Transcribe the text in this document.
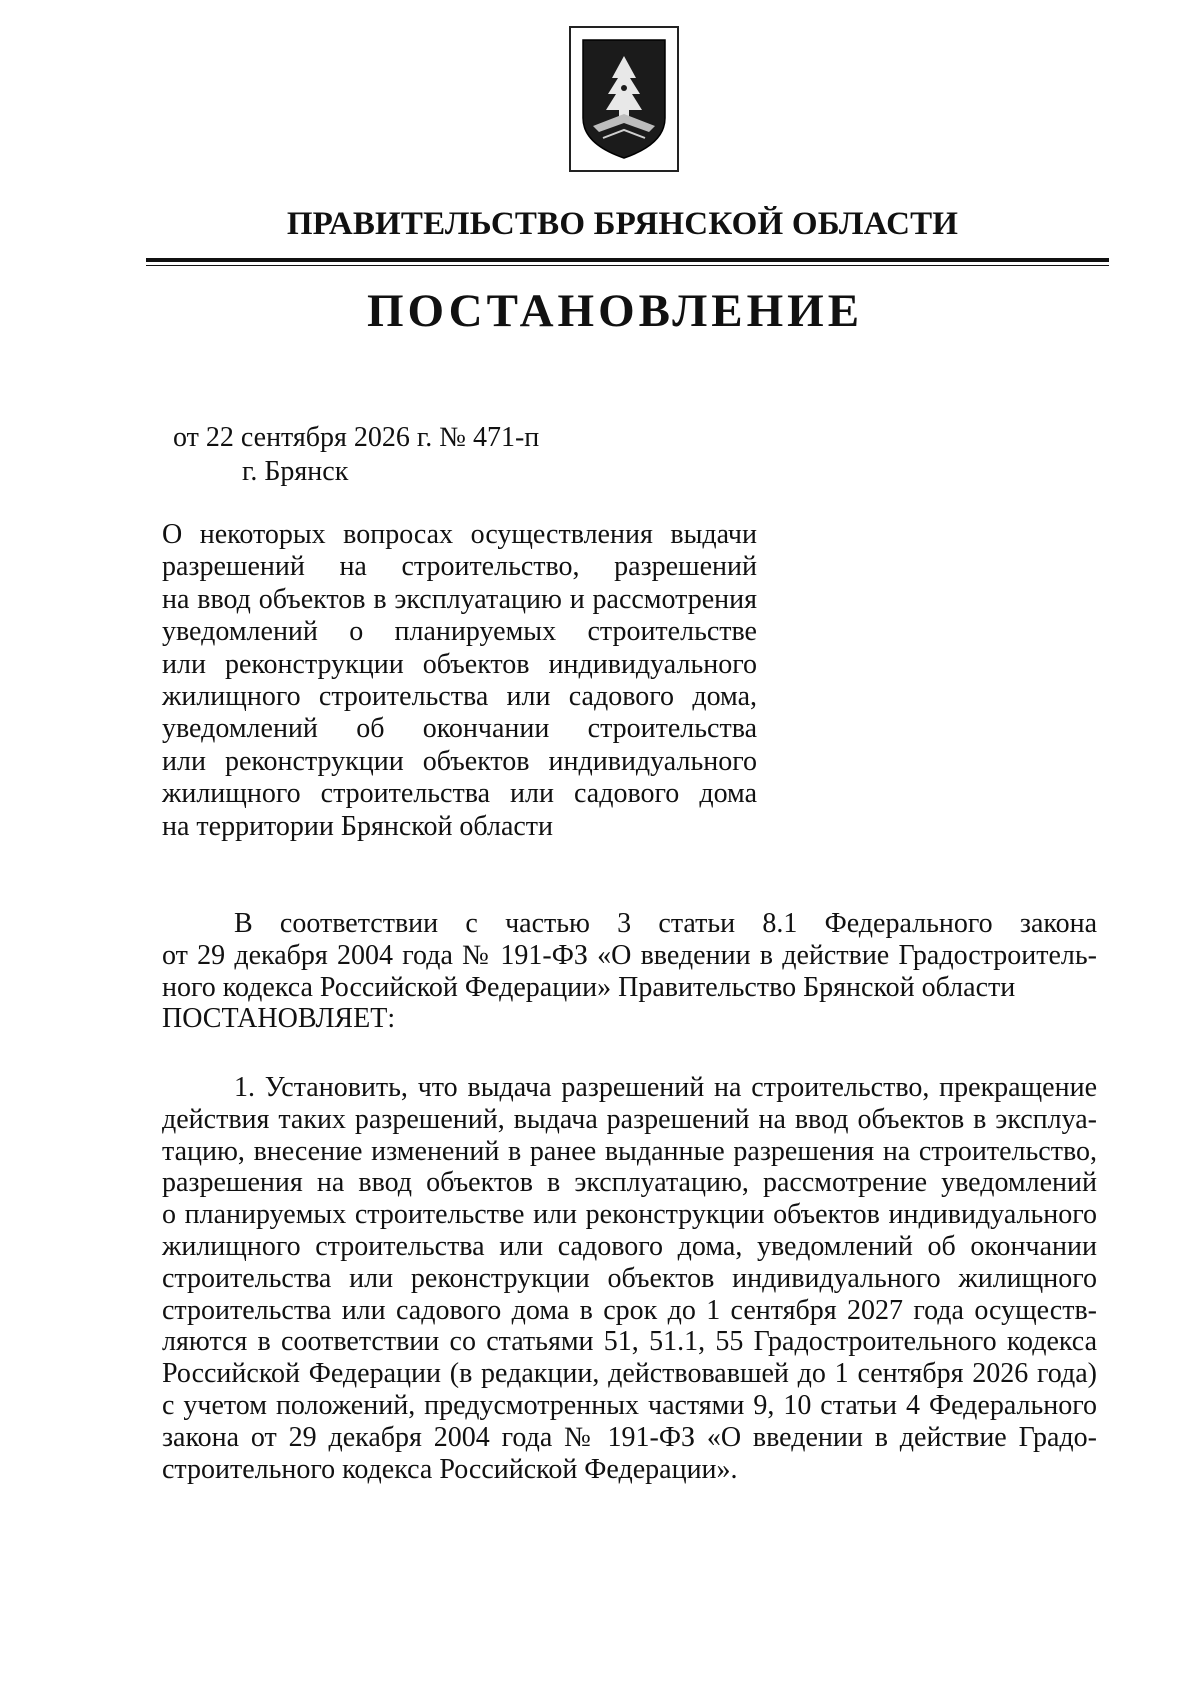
ПРАВИТЕЛЬСТВО БРЯНСКОЙ ОБЛАСТИ
ПОСТАНОВЛЕНИЕ
от 22 сентября 2026 г. № 471-п
г. Брянск
О некоторых вопросах осуществления выдачи
разрешений на строительство, разрешений
на ввод объектов в эксплуатацию и рассмотрения
уведомлений о планируемых строительстве
или реконструкции объектов индивидуального
жилищного строительства или садового дома,
уведомлений об окончании строительства
или реконструкции объектов индивидуального
жилищного строительства или садового дома
на территории Брянской области
В соответствии с частью 3 статьи 8.1 Федерального закона
от 29 декабря 2004 года № 191-ФЗ «О введении в действие Градостроитель-
ного кодекса Российской Федерации» Правительство Брянской области
ПОСТАНОВЛЯЕТ:
1. Установить, что выдача разрешений на строительство, прекращение
действия таких разрешений, выдача разрешений на ввод объектов в эксплуа-
тацию, внесение изменений в ранее выданные разрешения на строительство,
разрешения на ввод объектов в эксплуатацию, рассмотрение уведомлений
о планируемых строительстве или реконструкции объектов индивидуального
жилищного строительства или садового дома, уведомлений об окончании
строительства или реконструкции объектов индивидуального жилищного
строительства или садового дома в срок до 1 сентября 2027 года осуществ-
ляются в соответствии со статьями 51, 51.1, 55 Градостроительного кодекса
Российской Федерации (в редакции, действовавшей до 1 сентября 2026 года)
с учетом положений, предусмотренных частями 9, 10 статьи 4 Федерального
закона от 29 декабря 2004 года № 191-ФЗ «О введении в действие Градо-
строительного кодекса Российской Федерации».
